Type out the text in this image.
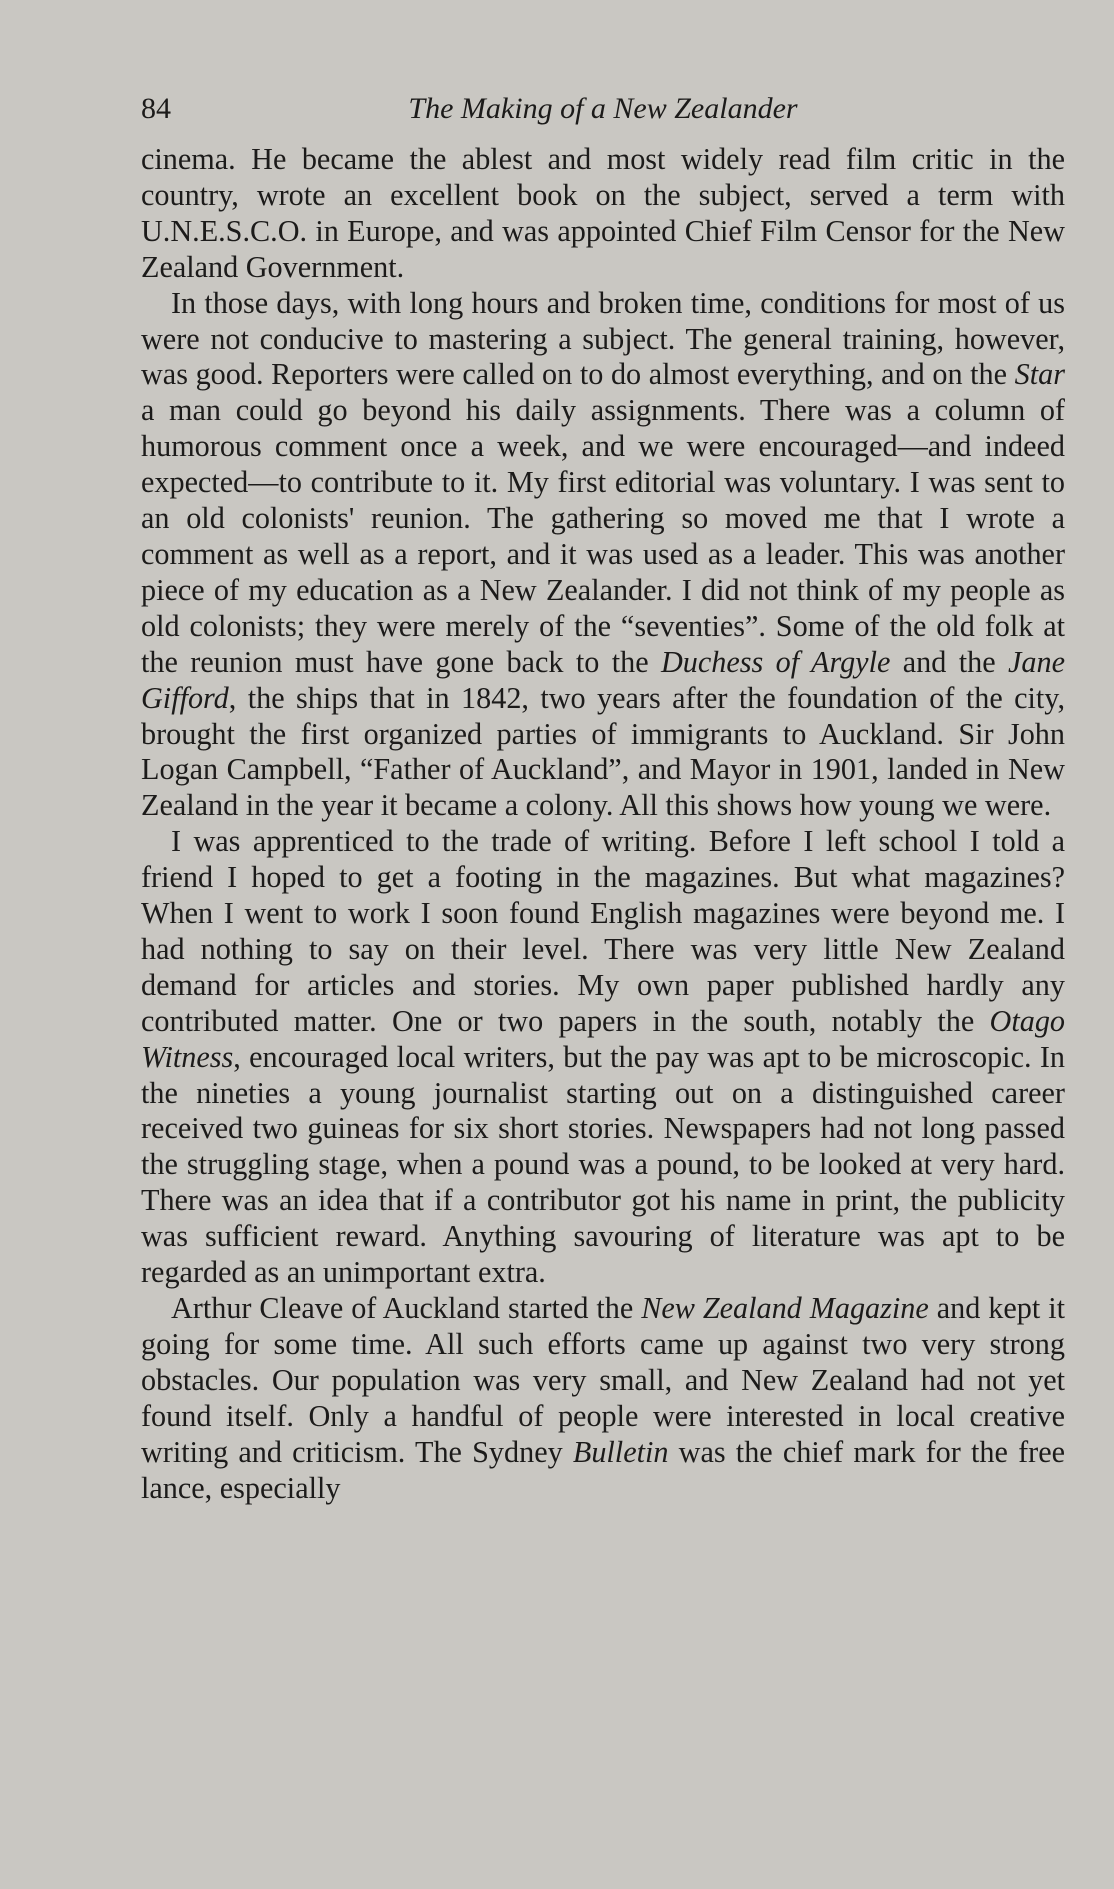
84	The Making of a New Zealander

cinema. He became the ablest and most widely read film critic in the country, wrote an excellent book on the subject, served a term with U.N.E.S.C.O. in Europe, and was appointed Chief Film Censor for the New Zealand Government.

In those days, with long hours and broken time, conditions for most of us were not conducive to mastering a subject. The general training, however, was good. Reporters were called on to do almost everything, and on the Star a man could go beyond his daily assignments. There was a column of humorous comment once a week, and we were encouraged—and indeed expected—to contribute to it. My first editorial was voluntary. I was sent to an old colonists' reunion. The gathering so moved me that I wrote a comment as well as a report, and it was used as a leader. This was another piece of my education as a New Zealander. I did not think of my people as old colonists; they were merely of the “seventies”. Some of the old folk at the reunion must have gone back to the Duchess of Argyle and the Jane Gifford, the ships that in 1842, two years after the foundation of the city, brought the first organized parties of immigrants to Auckland. Sir John Logan Campbell, “Father of Auckland”, and Mayor in 1901, landed in New Zealand in the year it became a colony. All this shows how young we were.

I was apprenticed to the trade of writing. Before I left school I told a friend I hoped to get a footing in the magazines. But what magazines? When I went to work I soon found English magazines were beyond me. I had nothing to say on their level. There was very little New Zealand demand for articles and stories. My own paper published hardly any contributed matter. One or two papers in the south, notably the Otago Witness, encouraged local writers, but the pay was apt to be microscopic. In the nineties a young journalist starting out on a distinguished career received two guineas for six short stories. Newspapers had not long passed the struggling stage, when a pound was a pound, to be looked at very hard. There was an idea that if a contributor got his name in print, the publicity was sufficient reward. Anything savouring of literature was apt to be regarded as an unimportant extra.

Arthur Cleave of Auckland started the New Zealand Magazine and kept it going for some time. All such efforts came up against two very strong obstacles. Our population was very small, and New Zealand had not yet found itself. Only a handful of people were interested in local creative writing and criticism. The Sydney Bulletin was the chief mark for the free lance, especially
